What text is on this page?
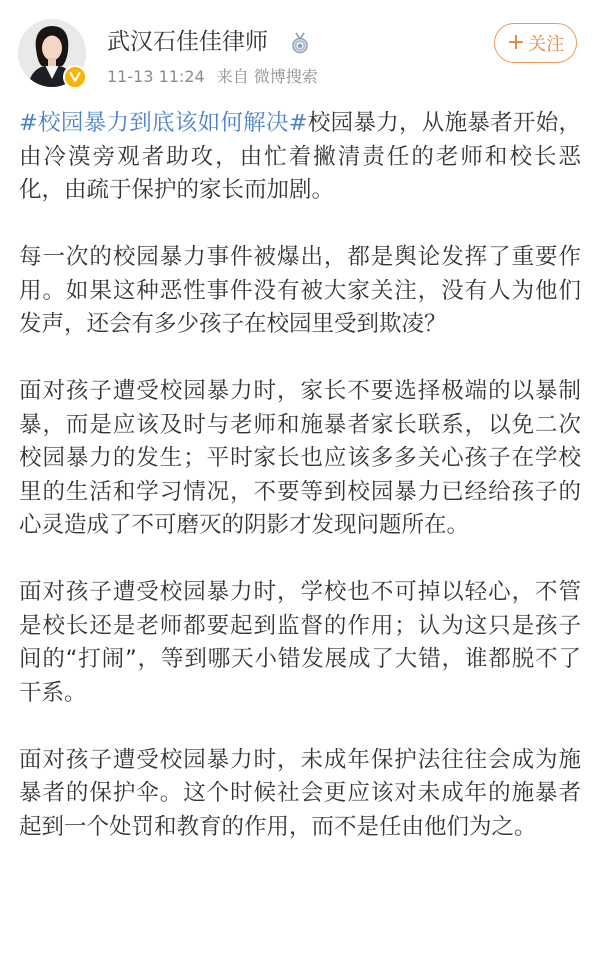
武汉石佳佳律师
11-13 11:24 来自 微博搜索
+ 关注

#校园暴力到底该如何解决#校园暴力，从施暴者开始，由冷漠旁观者助攻，由忙着撇清责任的老师和校长恶化，由疏于保护的家长而加剧。

每一次的校园暴力事件被爆出，都是舆论发挥了重要作用。如果这种恶性事件没有被大家关注，没有人为他们发声，还会有多少孩子在校园里受到欺凌？

面对孩子遭受校园暴力时，家长不要选择极端的以暴制暴，而是应该及时与老师和施暴者家长联系，以免二次校园暴力的发生；平时家长也应该多多关心孩子在学校里的生活和学习情况，不要等到校园暴力已经给孩子的心灵造成了不可磨灭的阴影才发现问题所在。

面对孩子遭受校园暴力时，学校也不可掉以轻心，不管是校长还是老师都要起到监督的作用；认为这只是孩子间的“打闹”，等到哪天小错发展成了大错，谁都脱不了干系。

面对孩子遭受校园暴力时，未成年保护法往往会成为施暴者的保护伞。这个时候社会更应该对未成年的施暴者起到一个处罚和教育的作用，而不是任由他们为之。
